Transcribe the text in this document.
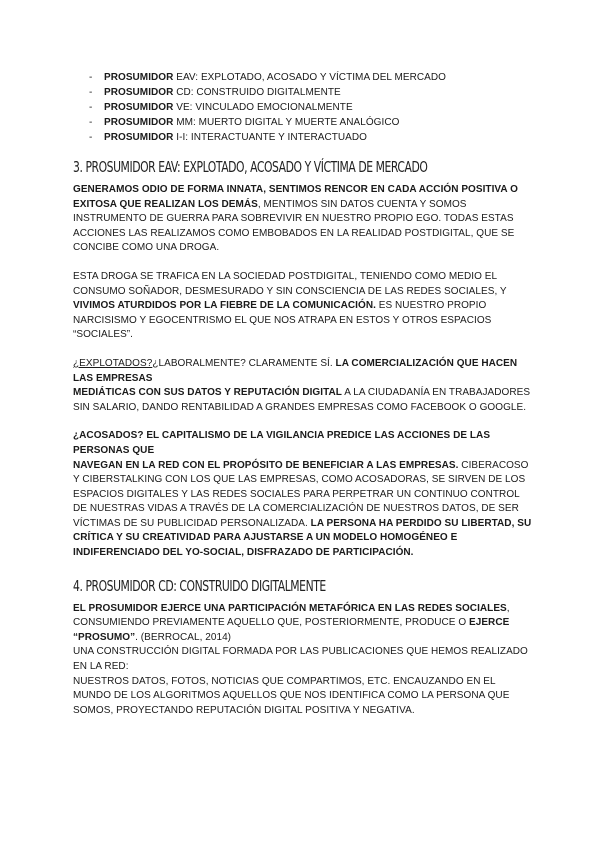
- PROSUMIDOR EAV: EXPLOTADO, ACOSADO Y VÍCTIMA DEL MERCADO
- PROSUMIDOR CD: CONSTRUIDO DIGITALMENTE
- PROSUMIDOR VE: VINCULADO EMOCIONALMENTE
- PROSUMIDOR MM: MUERTO DIGITAL Y MUERTE ANALÓGICO
- PROSUMIDOR I-I: INTERACTUANTE Y INTERACTUADO
3. PROSUMIDOR EAV: EXPLOTADO, ACOSADO Y VÍCTIMA DE MERCADO

GENERAMOS ODIO DE FORMA INNATA, SENTIMOS RENCOR EN CADA ACCIÓN POSITIVA O EXITOSA QUE REALIZAN LOS DEMÁS, MENTIMOS SIN DATOS CUENTA Y SOMOS INSTRUMENTO DE GUERRA PARA SOBREVIVIR EN NUESTRO PROPIO EGO. TODAS ESTAS ACCIONES LAS REALIZAMOS COMO EMBOBADOS EN LA REALIDAD POSTDIGITAL, QUE SE CONCIBE COMO UNA DROGA.

ESTA DROGA SE TRAFICA EN LA SOCIEDAD POSTDIGITAL, TENIENDO COMO MEDIO EL CONSUMO SOÑADOR, DESMESURADO Y SIN CONSCIENCIA DE LAS REDES SOCIALES, Y VIVIMOS ATURDIDOS POR LA FIEBRE DE LA COMUNICACIÓN. ES NUESTRO PROPIO NARCISISMO Y EGOCENTRISMO EL QUE NOS ATRAPA EN ESTOS Y OTROS ESPACIOS “SOCIALES”.

¿EXPLOTADOS?¿LABORALMENTE? CLARAMENTE SÍ. LA COMERCIALIZACIÓN QUE HACEN LAS EMPRESAS
MEDIÁTICAS CON SUS DATOS Y REPUTACIÓN DIGITAL A LA CIUDADANÍA EN TRABAJADORES SIN SALARIO, DANDO RENTABILIDAD A GRANDES EMPRESAS COMO FACEBOOK O GOOGLE.

¿ACOSADOS? EL CAPITALISMO DE LA VIGILANCIA PREDICE LAS ACCIONES DE LAS PERSONAS QUE
NAVEGAN EN LA RED CON EL PROPÓSITO DE BENEFICIAR A LAS EMPRESAS. CIBERACOSO Y CIBERSTALKING CON LOS QUE LAS EMPRESAS, COMO ACOSADORAS, SE SIRVEN DE LOS ESPACIOS DIGITALES Y LAS REDES SOCIALES PARA PERPETRAR UN CONTINUO CONTROL DE NUESTRAS VIDAS A TRAVÉS DE LA COMERCIALIZACIÓN DE NUESTROS DATOS, DE SER VÍCTIMAS DE SU PUBLICIDAD PERSONALIZADA. LA PERSONA HA PERDIDO SU LIBERTAD, SU CRÍTICA Y SU CREATIVIDAD PARA AJUSTARSE A UN MODELO HOMOGÉNEO E INDIFERENCIADO DEL YO-SOCIAL, DISFRAZADO DE PARTICIPACIÓN.

4. PROSUMIDOR CD: CONSTRUIDO DIGITALMENTE

EL PROSUMIDOR EJERCE UNA PARTICIPACIÓN METAFÓRICA EN LAS REDES SOCIALES, CONSUMIENDO PREVIAMENTE AQUELLO QUE, POSTERIORMENTE, PRODUCE O EJERCE “PROSUMO”. (BERROCAL, 2014)
UNA CONSTRUCCIÓN DIGITAL FORMADA POR LAS PUBLICACIONES QUE HEMOS REALIZADO EN LA RED:
NUESTROS DATOS, FOTOS, NOTICIAS QUE COMPARTIMOS, ETC. ENCAUZANDO EN EL MUNDO DE LOS ALGORITMOS AQUELLOS QUE NOS IDENTIFICA COMO LA PERSONA QUE SOMOS, PROYECTANDO REPUTACIÓN DIGITAL POSITIVA Y NEGATIVA.
